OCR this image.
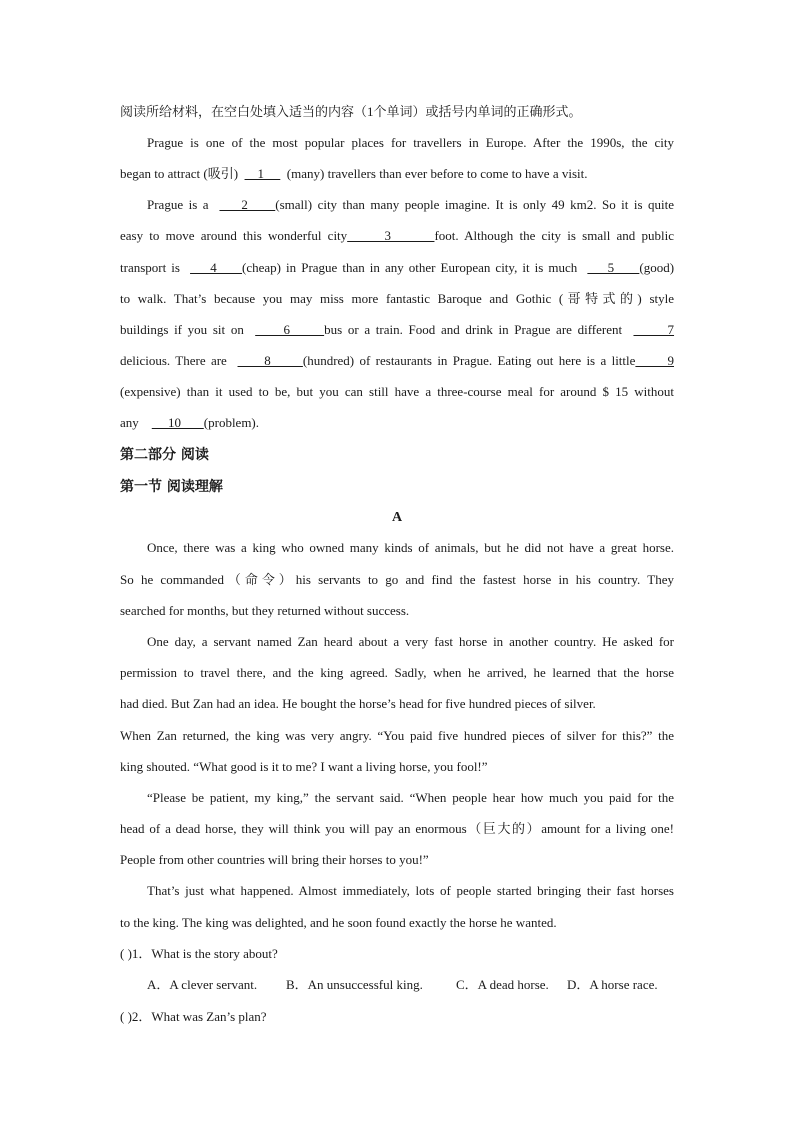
阅读所给材料，在空白处填入适当的内容（1个单词）或括号内单词的正确形式。
Prague is one of the most popular places for travellers in Europe. After the 1990s, the city
began to attract (吸引)      1       (many) travellers than ever before to come to have a visit.
Prague is a      2     (small) city than many people imagine. It is only 49 km2. So it is quite
easy to move around this wonderful city      3       foot. Although the city is small and public
transport is      4     (cheap) in Prague than in any other European city, it is much      5     (good)
to walk. That’s because you may miss more fantastic Baroque and Gothic (哥特式的) style
buildings if you sit on       6      bus or a train. Food and drink in Prague are different        7
delicious. There are       8      (hundred) of restaurants in Prague. Eating out here is a little      9
(expensive) than it used to be, but you can still have a three-course meal for around $ 15 without
any         10       (problem).
第二部分 阅读
第一节 阅读理解
A
Once, there was a king who owned many kinds of animals, but he did not have a great horse.
So he commanded（命令）his servants to go and find the fastest horse in his country. They
searched for months, but they returned without success.
One day, a servant named Zan heard about a very fast horse in another country. He asked for
permission to travel there, and the king agreed. Sadly, when he arrived, he learned that the horse
had died. But Zan had an idea. He bought the horse’s head for five hundred pieces of silver.
When Zan returned, the king was very angry. “You paid five hundred pieces of silver for this?” the
king shouted. “What good is it to me? I want a living horse, you fool!”
“Please be patient, my king,” the servant said. “When people hear how much you paid for the
head of a dead horse, they will think you will pay an enormous（巨大的）amount for a living one!
People from other countries will bring their horses to you!”
That’s just what happened. Almost immediately, lots of people started bringing their fast horses
to the king. The king was delighted, and he soon found exactly the horse he wanted.
( )1．What is the story about?
A．A clever servant. B．An unsuccessful king.	C．A dead horse. D．A horse race.
( )2．What was Zan’s plan?
